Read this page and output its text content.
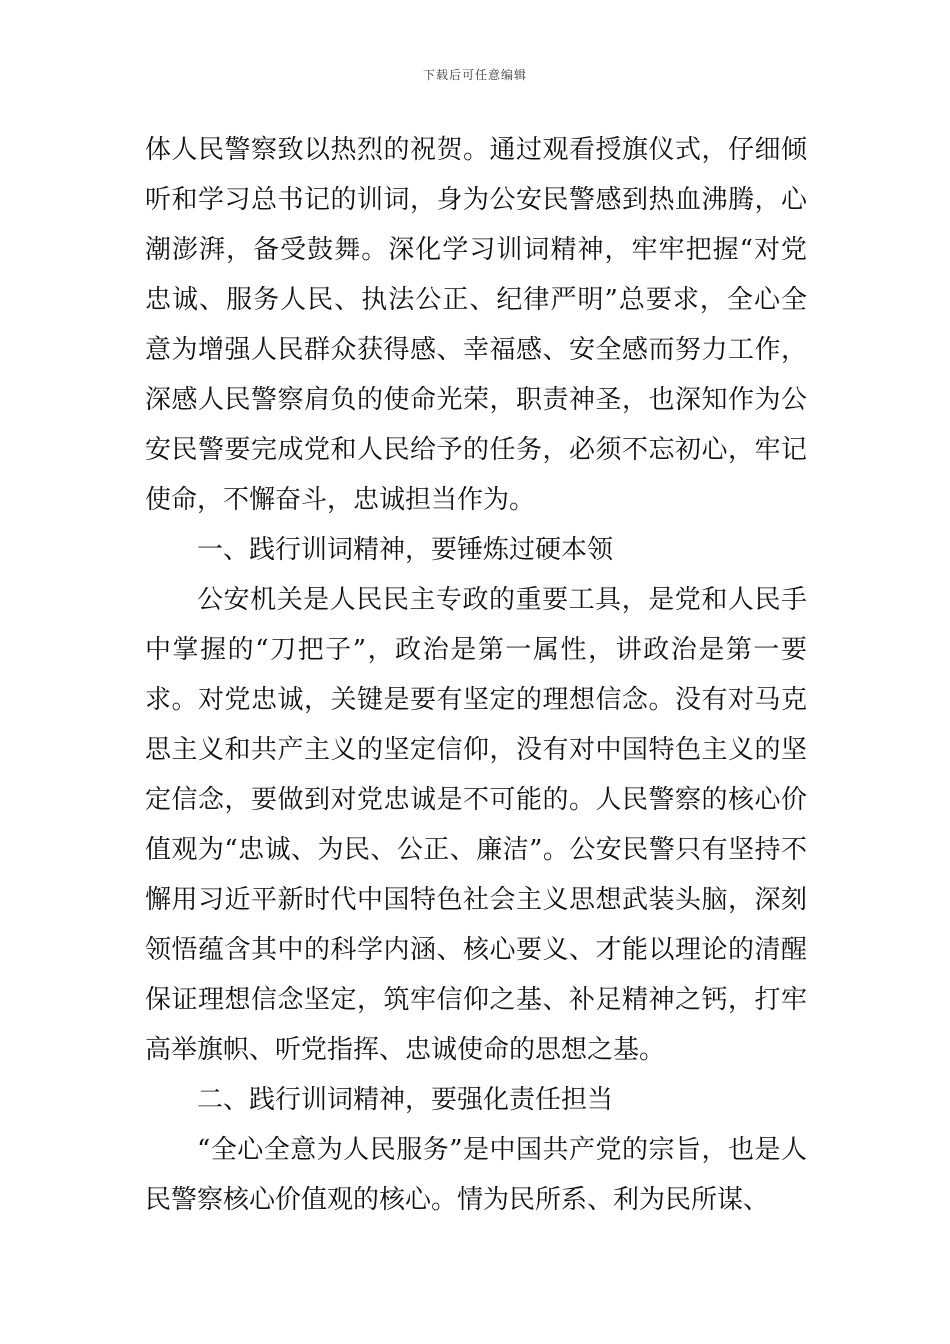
下载后可任意编辑

体人民警察致以热烈的祝贺。通过观看授旗仪式，仔细倾听和学习总书记的训词，身为公安民警感到热血沸腾，心潮澎湃，备受鼓舞。深化学习训词精神，牢牢把握“对党忠诚、服务人民、执法公正、纪律严明”总要求，全心全意为增强人民群众获得感、幸福感、安全感而努力工作，深感人民警察肩负的使命光荣，职责神圣，也深知作为公安民警要完成党和人民给予的任务，必须不忘初心，牢记使命，不懈奋斗，忠诚担当作为。

一、践行训词精神，要锤炼过硬本领

公安机关是人民民主专政的重要工具，是党和人民手中掌握的“刀把子”，政治是第一属性，讲政治是第一要求。对党忠诚，关键是要有坚定的理想信念。没有对马克思主义和共产主义的坚定信仰，没有对中国特色主义的坚定信念，要做到对党忠诚是不可能的。人民警察的核心价值观为“忠诚、为民、公正、廉洁”。公安民警只有坚持不懈用习近平新时代中国特色社会主义思想武装头脑，深刻领悟蕴含其中的科学内涵、核心要义、才能以理论的清醒保证理想信念坚定，筑牢信仰之基、补足精神之钙，打牢高举旗帜、听党指挥、忠诚使命的思想之基。

二、践行训词精神，要强化责任担当

“全心全意为人民服务”是中国共产党的宗旨，也是人民警察核心价值观的核心。情为民所系、利为民所谋、
